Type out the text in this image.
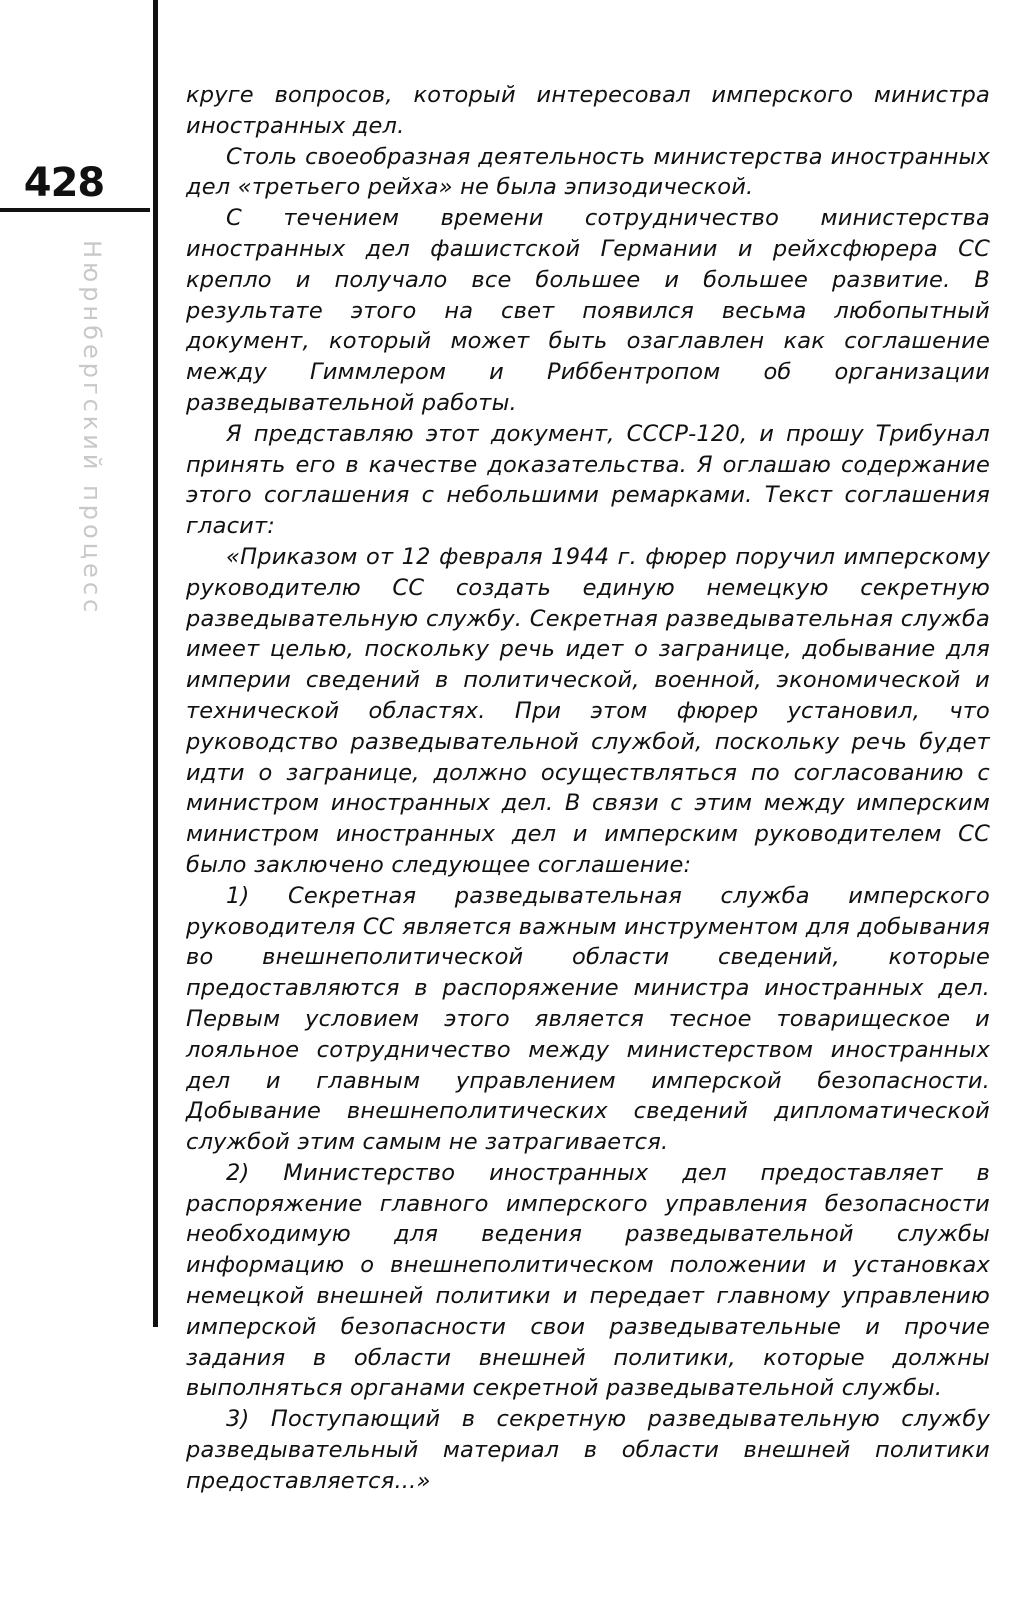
428
Нюрнбергский процесс

круге вопросов, который интересовал имперского министра иностранных дел.

Столь своеобразная деятельность министерства иностранных дел «третьего рейха» не была эпизодической.

С течением времени сотрудничество министерства иностранных дел фашистской Германии и рейхсфюрера СС крепло и получало все большее и большее развитие. В результате этого на свет появился весьма любопытный документ, который может быть озаглавлен как соглашение между Гиммлером и Риббентропом об организации разведывательной работы.

Я представляю этот документ, СССР-120, и прошу Трибунал принять его в качестве доказательства. Я оглашаю содержание этого соглашения с небольшими ремарками. Текст соглашения гласит:

«Приказом от 12 февраля 1944 г. фюрер поручил имперскому руководителю СС создать единую немецкую секретную разведывательную службу. Секретная разведывательная служба имеет целью, поскольку речь идет о загранице, добывание для империи сведений в политической, военной, экономической и технической областях. При этом фюрер установил, что руководство разведывательной службой, поскольку речь будет идти о загранице, должно осуществляться по согласованию с министром иностранных дел. В связи с этим между имперским министром иностранных дел и имперским руководителем СС было заключено следующее соглашение:

1) Секретная разведывательная служба имперского руководителя СС является важным инструментом для добывания во внешнеполитической области сведений, которые предоставляются в распоряжение министра иностранных дел. Первым условием этого является тесное товарищеское и лояльное сотрудничество между министерством иностранных дел и главным управлением имперской безопасности. Добывание внешнеполитических сведений дипломатической службой этим самым не затрагивается.

2) Министерство иностранных дел предоставляет в распоряжение главного имперского управления безопасности необходимую для ведения разведывательной службы информацию о внешнеполитическом положении и установках немецкой внешней политики и передает главному управлению имперской безопасности свои разведывательные и прочие задания в области внешней политики, которые должны выполняться органами секретной разведывательной службы.

3) Поступающий в секретную разведывательную службу разведывательный материал в области внешней политики предоставляется...»
